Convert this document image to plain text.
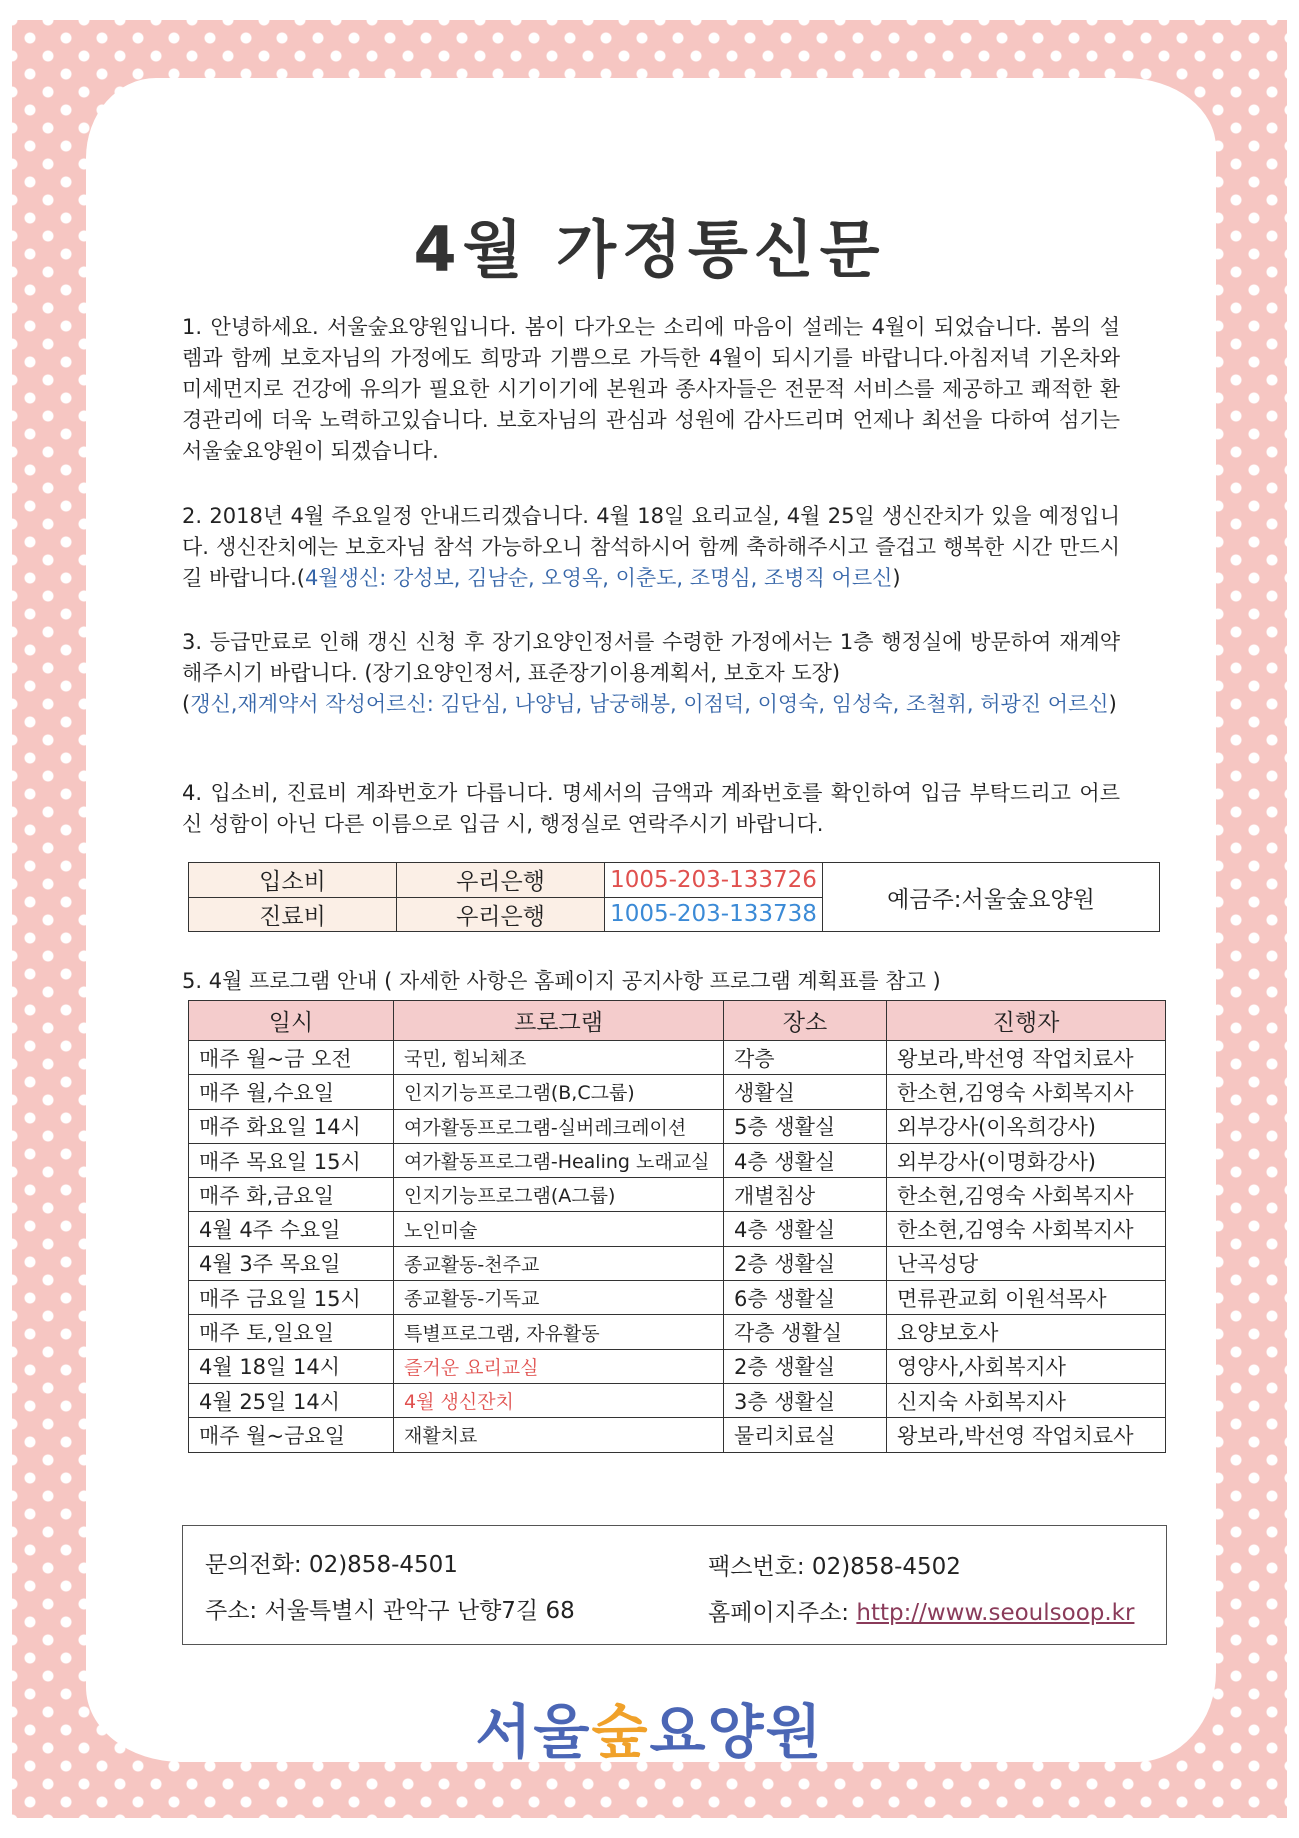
4월 가정통신문
1. 안녕하세요. 서울숲요양원입니다. 봄이 다가오는 소리에 마음이 설레는 4월이 되었습니다. 봄의 설렘과 함께 보호자님의 가정에도 희망과 기쁨으로 가득한 4월이 되시기를 바랍니다.아침저녁 기온차와 미세먼지로 건강에 유의가 필요한 시기이기에 본원과 종사자들은 전문적 서비스를 제공하고 쾌적한 환경관리에 더욱 노력하고있습니다. 보호자님의 관심과 성원에 감사드리며 언제나 최선을 다하여 섬기는 서울숲요양원이 되겠습니다.
2. 2018년 4월 주요일정 안내드리겠습니다. 4월 18일 요리교실, 4월 25일 생신잔치가 있을 예정입니다. 생신잔치에는 보호자님 참석 가능하오니 참석하시어 함께 축하해주시고 즐겁고 행복한 시간 만드시길 바랍니다.(4월생신: 강성보, 김남순, 오영옥, 이춘도, 조명심, 조병직 어르신)
3. 등급만료로 인해 갱신 신청 후 장기요양인정서를 수령한 가정에서는 1층 행정실에 방문하여 재계약 해주시기 바랍니다. (장기요양인정서, 표준장기이용계획서, 보호자 도장)
(갱신,재계약서 작성어르신: 김단심, 나양님, 남궁해봉, 이점덕, 이영숙, 임성숙, 조철휘, 허광진 어르신)
4. 입소비, 진료비 계좌번호가 다릅니다. 명세서의 금액과 계좌번호를 확인하여 입금 부탁드리고 어르신 성함이 아닌 다른 이름으로 입금 시, 행정실로 연락주시기 바랍니다.
입소비	우리은행	1005-203-133726	예금주:서울숲요양원
진료비	우리은행	1005-203-133738	
5. 4월 프로그램 안내 ( 자세한 사항은 홈페이지 공지사항 프로그램 계획표를 참고 )
일시	프로그램	장소	진행자
매주 월~금 오전	국민, 힘뇌체조	각층	왕보라,박선영 작업치료사
매주 월,수요일	인지기능프로그램(B,C그룹)	생활실	한소현,김영숙 사회복지사
매주 화요일 14시	여가활동프로그램-실버레크레이션	5층 생활실	외부강사(이옥희강사)
매주 목요일 15시	여가활동프로그램-Healing 노래교실	4층 생활실	외부강사(이명화강사)
매주 화,금요일	인지기능프로그램(A그룹)	개별침상	한소현,김영숙 사회복지사
4월 4주 수요일	노인미술	4층 생활실	한소현,김영숙 사회복지사
4월 3주 목요일	종교활동-천주교	2층 생활실	난곡성당
매주 금요일 15시	종교활동-기독교	6층 생활실	면류관교회 이원석목사
매주 토,일요일	특별프로그램, 자유활동	각층 생활실	요양보호사
4월 18일 14시	즐거운 요리교실	2층 생활실	영양사,사회복지사
4월 25일 14시	4월 생신잔치	3층 생활실	신지숙 사회복지사
매주 월~금요일	재활치료	물리치료실	왕보라,박선영 작업치료사
문의전화: 02)858-4501	팩스번호: 02)858-4502
주소: 서울특별시 관악구 난향7길 68	홈페이지주소: http://www.seoulsoop.kr
서울숲요양원
